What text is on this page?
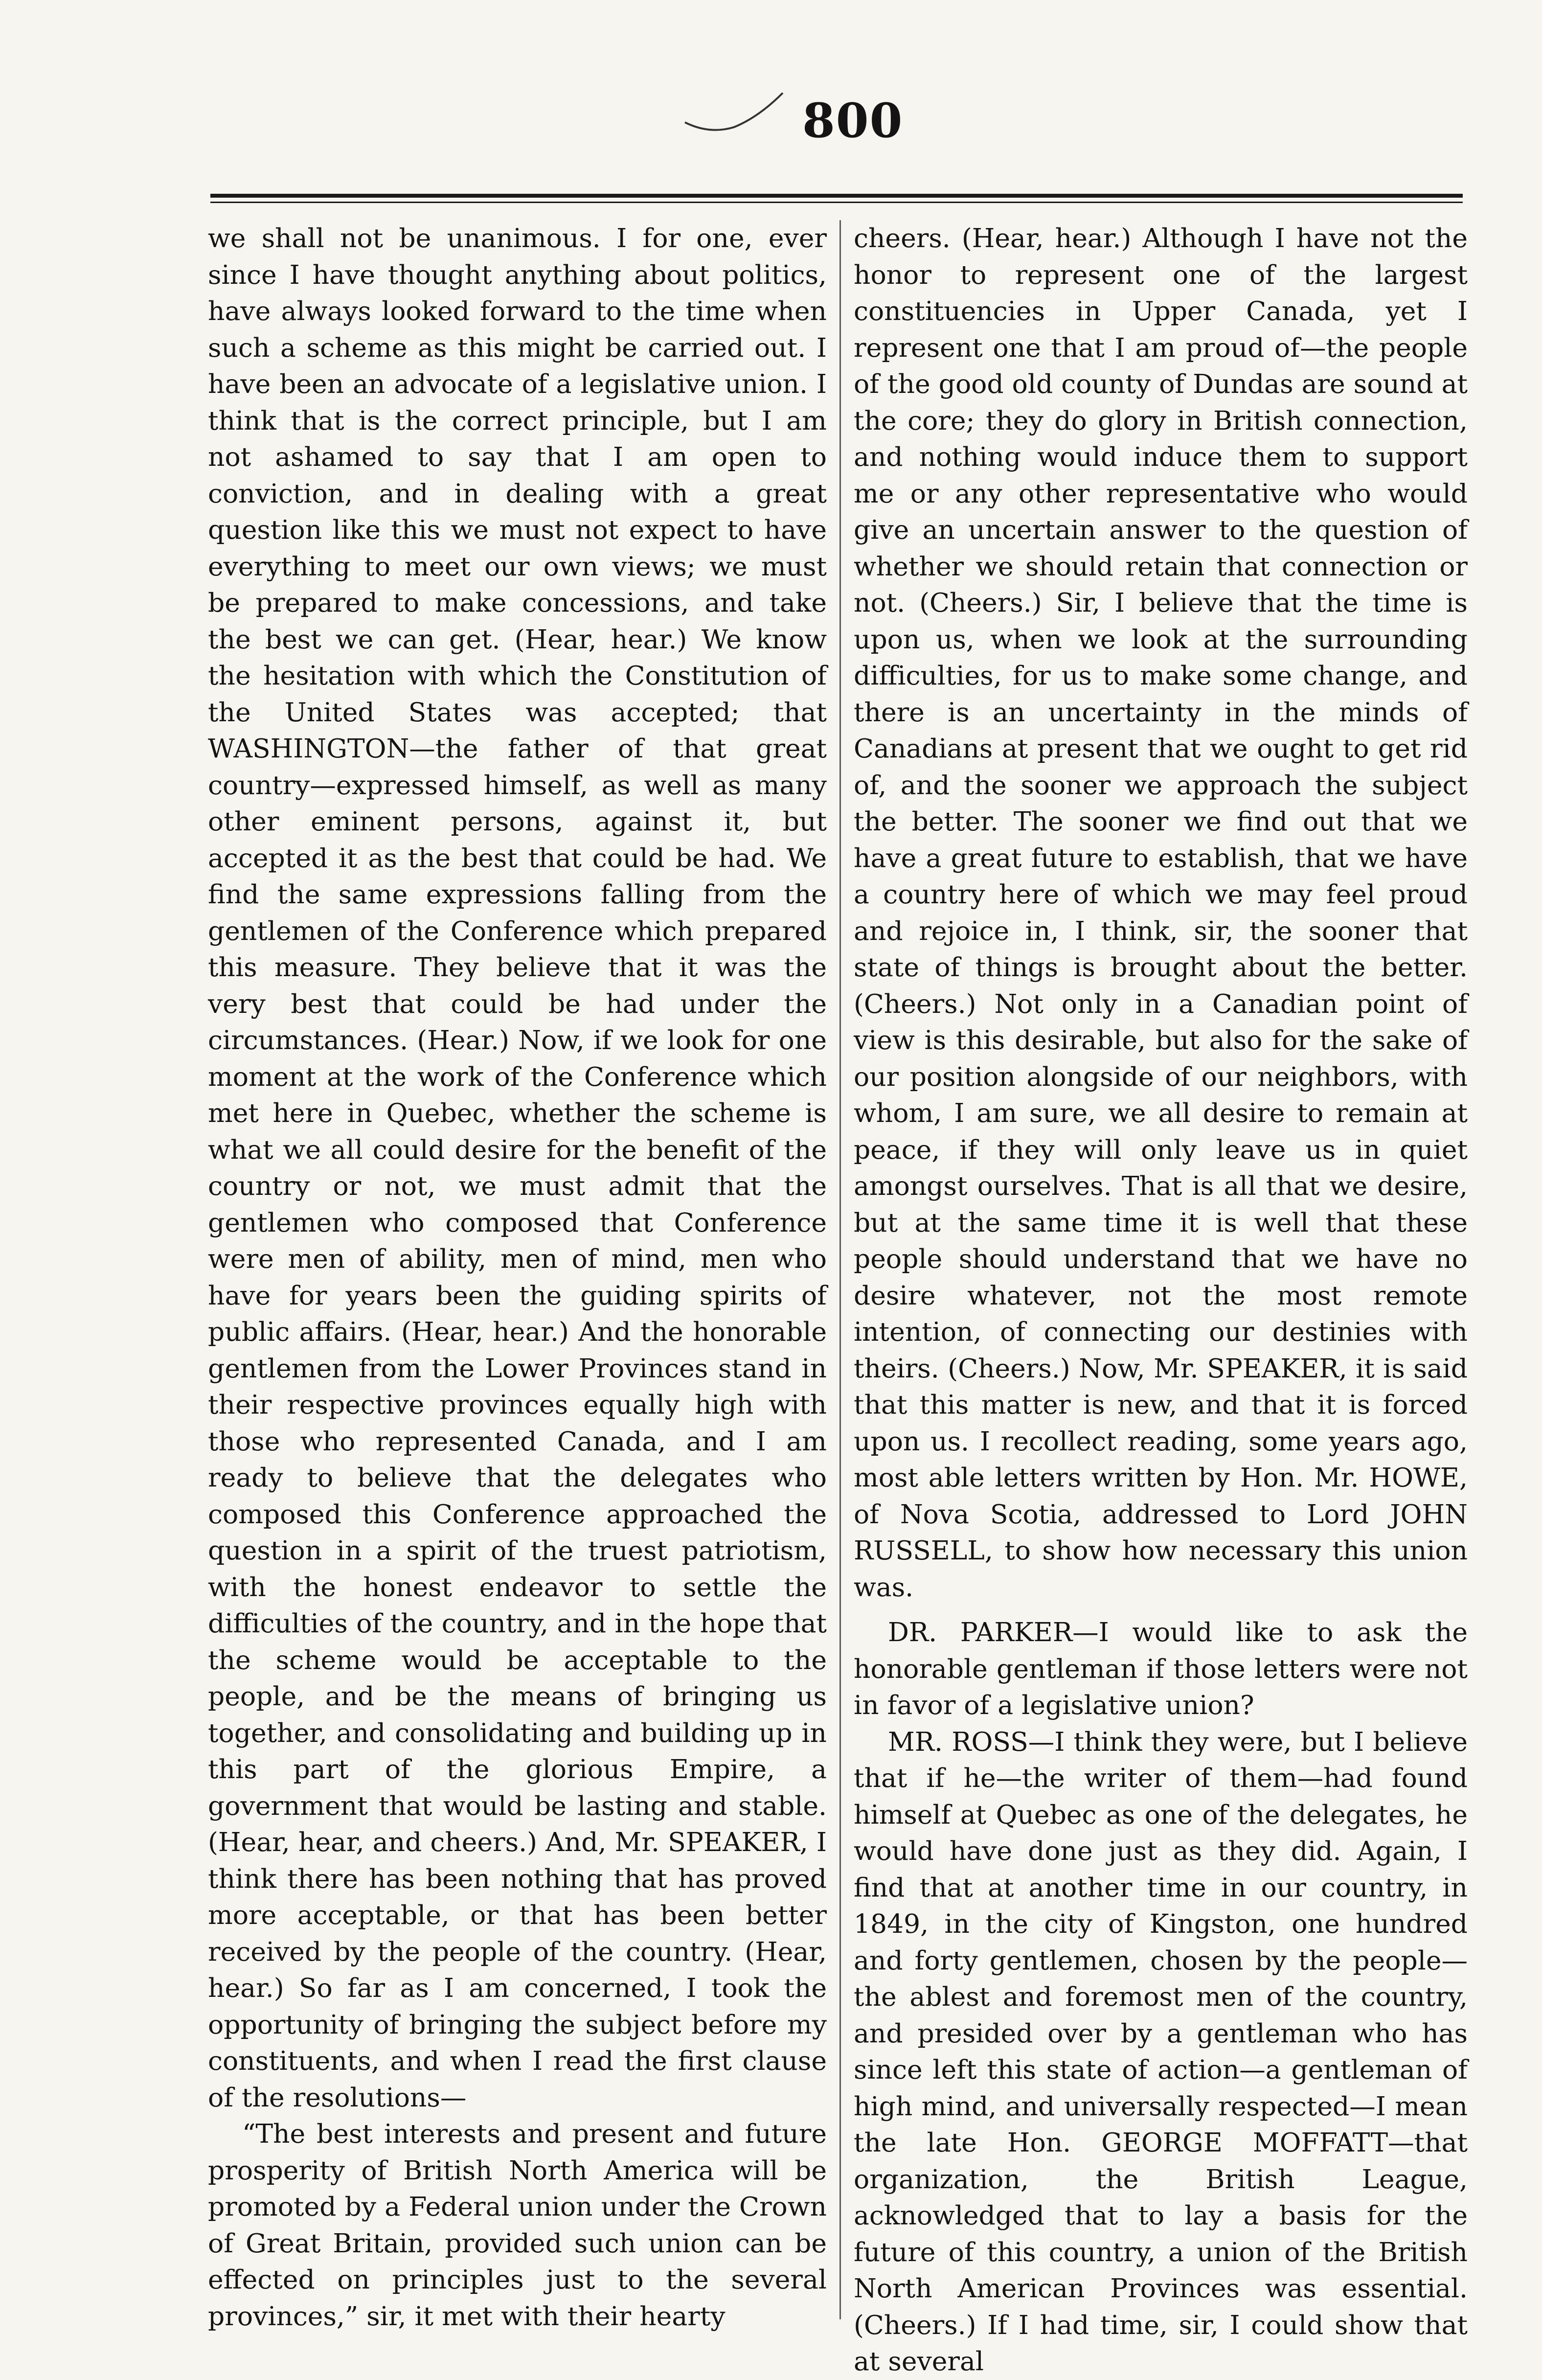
800

we shall not be unanimous. I for one, ever since I have thought anything about politics, have always looked forward to the time when such a scheme as this might be carried out. I have been an advocate of a legislative union. I think that is the correct principle, but I am not ashamed to say that I am open to conviction, and in dealing with a great question like this we must not expect to have everything to meet our own views; we must be prepared to make concessions, and take the best we can get. (Hear, hear.) We know the hesitation with which the Constitution of the United States was accepted; that WASHINGTON—the father of that great country—expressed himself, as well as many other eminent persons, against it, but accepted it as the best that could be had. We find the same expressions falling from the gentlemen of the Conference which prepared this measure. They believe that it was the very best that could be had under the circumstances. (Hear.) Now, if we look for one moment at the work of the Conference which met here in Quebec, whether the scheme is what we all could desire for the benefit of the country or not, we must admit that the gentlemen who composed that Conference were men of ability, men of mind, men who have for years been the guiding spirits of public affairs. (Hear, hear.) And the honorable gentlemen from the Lower Provinces stand in their respective provinces equally high with those who represented Canada, and I am ready to believe that the delegates who composed this Conference approached the question in a spirit of the truest patriotism, with the honest endeavor to settle the difficulties of the country, and in the hope that the scheme would be acceptable to the people, and be the means of bringing us together, and consolidating and building up in this part of the glorious Empire, a government that would be lasting and stable. (Hear, hear, and cheers.) And, Mr. SPEAKER, I think there has been nothing that has proved more acceptable, or that has been better received by the people of the country. (Hear, hear.) So far as I am concerned, I took the opportunity of bringing the subject before my constituents, and when I read the first clause of the resolutions—

“The best interests and present and future prosperity of British North America will be promoted by a Federal union under the Crown of Great Britain, provided such union can be effected on principles just to the several provinces,” sir, it met with their hearty

cheers. (Hear, hear.) Although I have not the honor to represent one of the largest constituencies in Upper Canada, yet I represent one that I am proud of—the people of the good old county of Dundas are sound at the core; they do glory in British connection, and nothing would induce them to support me or any other representative who would give an uncertain answer to the question of whether we should retain that connection or not. (Cheers.) Sir, I believe that the time is upon us, when we look at the surrounding difficulties, for us to make some change, and there is an uncertainty in the minds of Canadians at present that we ought to get rid of, and the sooner we approach the subject the better. The sooner we find out that we have a great future to establish, that we have a country here of which we may feel proud and rejoice in, I think, sir, the sooner that state of things is brought about the better. (Cheers.) Not only in a Canadian point of view is this desirable, but also for the sake of our position alongside of our neighbors, with whom, I am sure, we all desire to remain at peace, if they will only leave us in quiet amongst ourselves. That is all that we desire, but at the same time it is well that these people should understand that we have no desire whatever, not the most remote intention, of connecting our destinies with theirs. (Cheers.) Now, Mr. SPEAKER, it is said that this matter is new, and that it is forced upon us. I recollect reading, some years ago, most able letters written by Hon. Mr. HOWE, of Nova Scotia, addressed to Lord JOHN RUSSELL, to show how necessary this union was.

DR. PARKER—I would like to ask the honorable gentleman if those letters were not in favor of a legislative union?

MR. ROSS—I think they were, but I believe that if he—the writer of them—had found himself at Quebec as one of the delegates, he would have done just as they did. Again, I find that at another time in our country, in 1849, in the city of Kingston, one hundred and forty gentlemen, chosen by the people—the ablest and foremost men of the country, and presided over by a gentleman who has since left this state of action—a gentleman of high mind, and universally respected—I mean the late Hon. GEORGE MOFFATT—that organization, the British League, acknowledged that to lay a basis for the future of this country, a union of the British North American Provinces was essential. (Cheers.) If I had time, sir, I could show that at several
